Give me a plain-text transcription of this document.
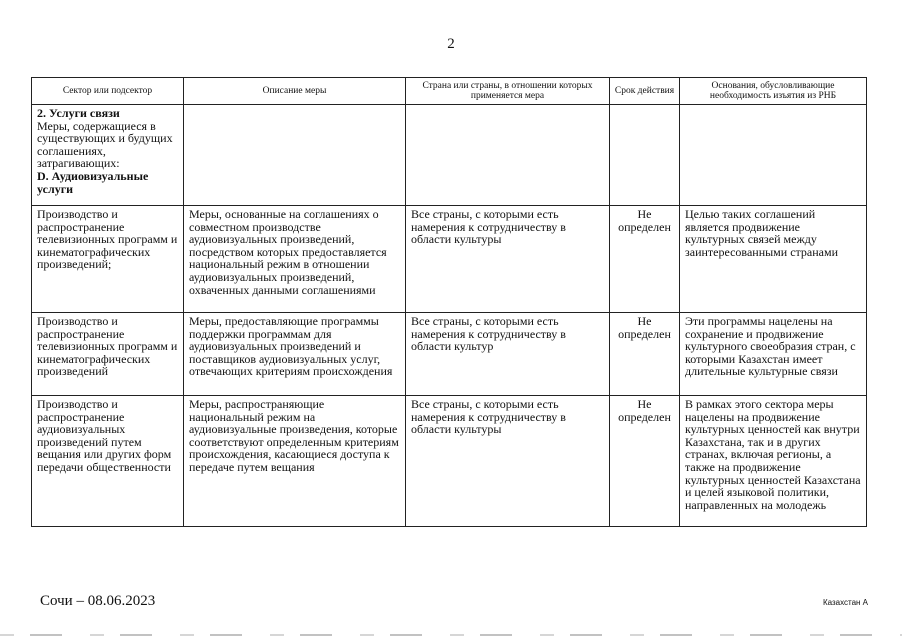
2
Сектор или подсектор	Описание меры	Страна или страны, в отношении которых применяется мера	Срок действия	Основания, обусловливающие необходимость изъятия из РНБ

2. Услуги связи
Меры, содержащиеся в существующих и будущих соглашениях, затрагивающих:
D. Аудиовизуальные услуги				

Производство и распространение телевизионных программ и кинематографических произведений;	Меры, основанные на соглашениях о совместном производстве аудиовизуальных произведений, посредством которых предоставляется национальный режим в отношении аудиовизуальных произведений, охваченных данными соглашениями	Все страны, с которыми есть намерения к сотрудничеству в области культуры	Не определен	Целью таких соглашений является продвижение культурных связей между заинтересованными странами
Производство и распространение телевизионных программ и кинематографических произведений	Меры, предоставляющие программы поддержки программам для аудиовизуальных произведений и поставщиков аудиовизуальных услуг, отвечающих критериям происхождения	Все страны, с которыми есть намерения к сотрудничеству в области культур	Не определен	Эти программы нацелены на сохранение и продвижение культурного своеобразия стран, с которыми Казахстан имеет длительные культурные связи
Производство и распространение аудиовизуальных произведений путем вещания или других форм передачи общественности	Меры, распространяющие национальный режим на аудиовизуальные произведения, которые соответствуют определенным критериям происхождения, касающиеся доступа к передаче путем вещания	Все страны, с которыми есть намерения к сотрудничеству в области культуры	Не определен	В рамках этого сектора меры нацелены на продвижение культурных ценностей как внутри Казахстана, так и в других странах, включая регионы, а также на продвижение культурных ценностей Казахстана и целей языковой политики, направленных на молодежь
Сочи – 08.06.2023	Казахстан А
